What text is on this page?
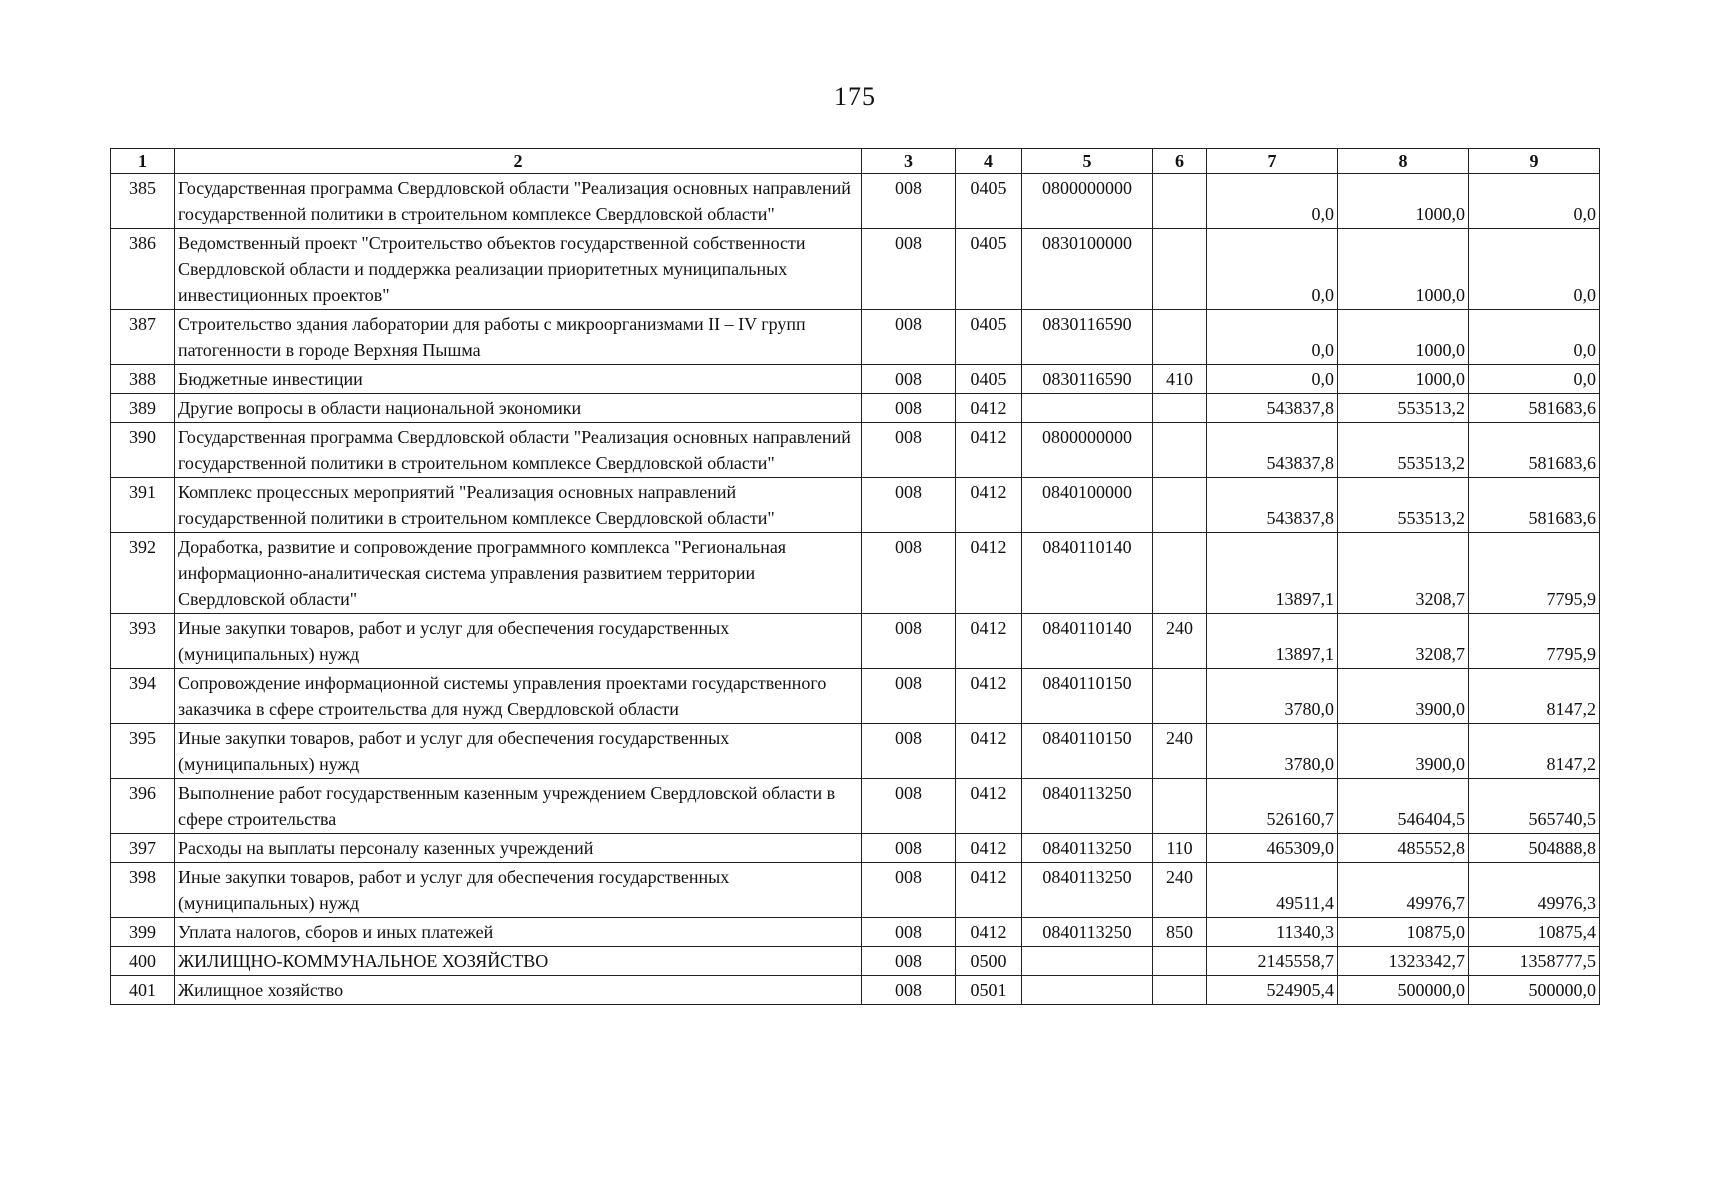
175
1	2	3	4	5	6	7	8	9
385	Государственная программа Свердловской области "Реализация основных направлений государственной политики в строительном комплексе Свердловской области"	008	0405	0800000000		0,0	1000,0	0,0
386	Ведомственный проект "Строительство объектов государственной собственности Свердловской области и поддержка реализации приоритетных муниципальных инвестиционных проектов"	008	0405	0830100000		0,0	1000,0	0,0
387	Строительство здания лаборатории для работы с микроорганизмами II – IV групп патогенности в городе Верхняя Пышма	008	0405	0830116590		0,0	1000,0	0,0
388	Бюджетные инвестиции	008	0405	0830116590	410	0,0	1000,0	0,0
389	Другие вопросы в области национальной экономики	008	0412			543837,8	553513,2	581683,6
390	Государственная программа Свердловской области "Реализация основных направлений государственной политики в строительном комплексе Свердловской области"	008	0412	0800000000		543837,8	553513,2	581683,6
391	Комплекс процессных мероприятий "Реализация основных направлений государственной политики в строительном комплексе Свердловской области"	008	0412	0840100000		543837,8	553513,2	581683,6
392	Доработка, развитие и сопровождение программного комплекса "Региональная информационно-аналитическая система управления развитием территории Свердловской области"	008	0412	0840110140		13897,1	3208,7	7795,9
393	Иные закупки товаров, работ и услуг для обеспечения государственных (муниципальных) нужд	008	0412	0840110140	240	13897,1	3208,7	7795,9
394	Сопровождение информационной системы управления проектами государственного заказчика в сфере строительства для нужд Свердловской области	008	0412	0840110150		3780,0	3900,0	8147,2
395	Иные закупки товаров, работ и услуг для обеспечения государственных (муниципальных) нужд	008	0412	0840110150	240	3780,0	3900,0	8147,2
396	Выполнение работ государственным казенным учреждением Свердловской области в сфере строительства	008	0412	0840113250		526160,7	546404,5	565740,5
397	Расходы на выплаты персоналу казенных учреждений	008	0412	0840113250	110	465309,0	485552,8	504888,8
398	Иные закупки товаров, работ и услуг для обеспечения государственных (муниципальных) нужд	008	0412	0840113250	240	49511,4	49976,7	49976,3
399	Уплата налогов, сборов и иных платежей	008	0412	0840113250	850	11340,3	10875,0	10875,4
400	ЖИЛИЩНО-КОММУНАЛЬНОЕ ХОЗЯЙСТВО	008	0500			2145558,7	1323342,7	1358777,5
401	Жилищное хозяйство	008	0501			524905,4	500000,0	500000,0
